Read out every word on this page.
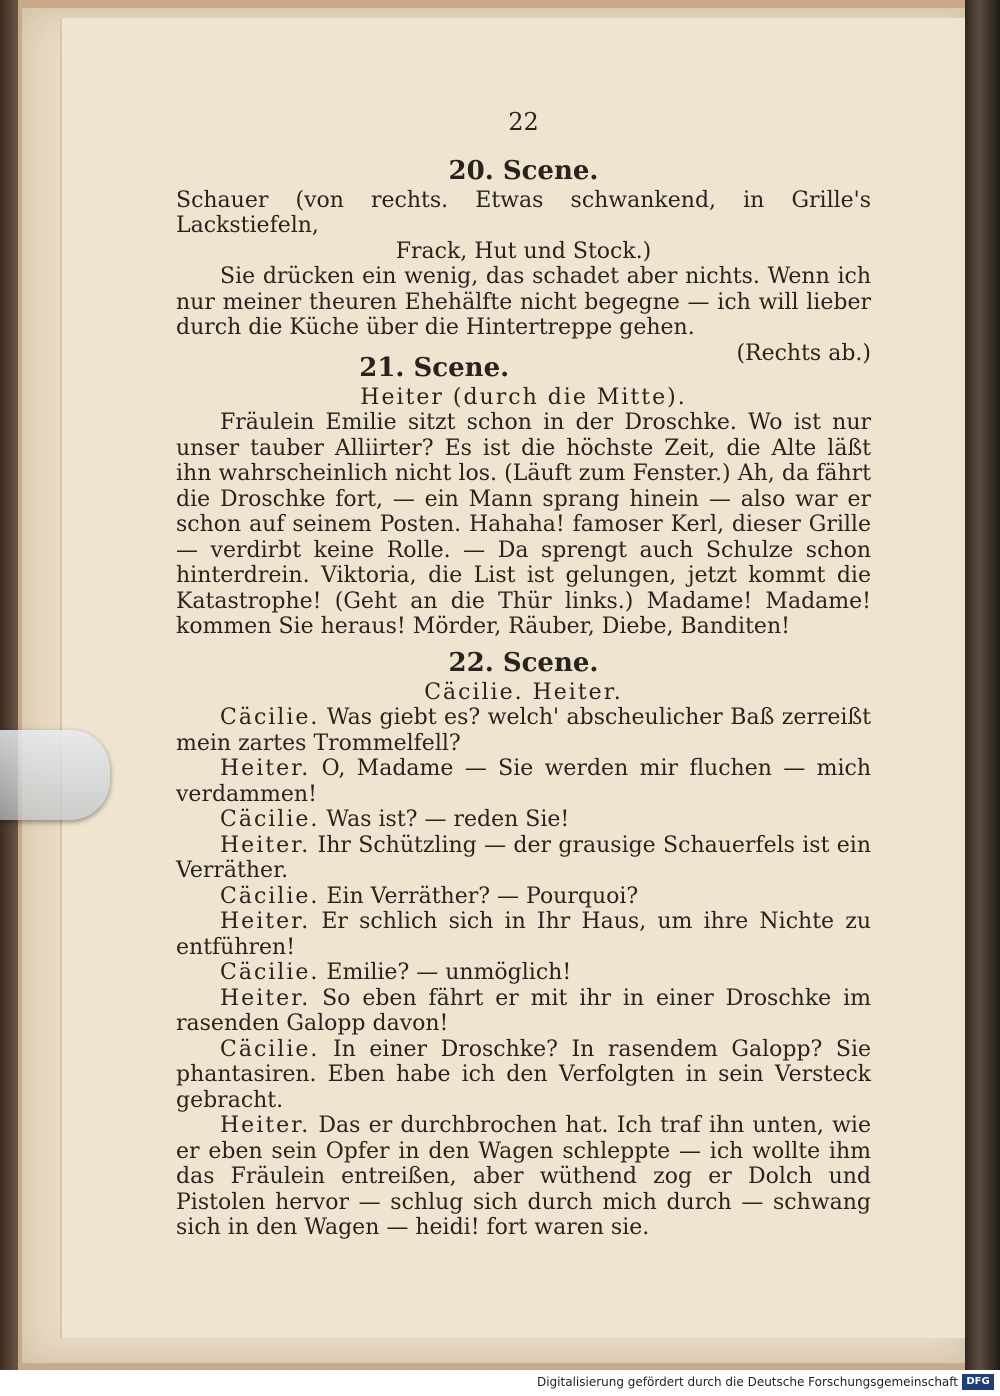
22

20. Scene.

Schauer (von rechts. Etwas schwankend, in Grille's Lackstiefeln,

Frack, Hut und Stock.)

Sie drücken ein wenig, das schadet aber nichts. Wenn ich nur meiner theuren Ehehälfte nicht begegne — ich will lieber durch die Küche über die Hintertreppe gehen.
(Rechts ab.)

21. Scene.

Heiter (durch die Mitte).

Fräulein Emilie sitzt schon in der Droschke. Wo ist nur unser tauber Alliirter? Es ist die höchste Zeit, die Alte läßt ihn wahrscheinlich nicht los. (Läuft zum Fenster.) Ah, da fährt die Droschke fort, — ein Mann sprang hinein — also war er schon auf seinem Posten. Hahaha! famoser Kerl, dieser Grille — verdirbt keine Rolle. — Da sprengt auch Schulze schon hinterdrein. Viktoria, die List ist gelungen, jetzt kommt die Katastrophe! (Geht an die Thür links.) Madame! Madame! kommen Sie heraus! Mörder, Räuber, Diebe, Banditen!

22. Scene.

Cäcilie. Heiter.

Cäcilie. Was giebt es? welch' abscheulicher Baß zerreißt mein zartes Trommelfell?

Heiter. O, Madame — Sie werden mir fluchen — mich verdammen!

Cäcilie. Was ist? — reden Sie!

Heiter. Ihr Schützling — der grausige Schauerfels ist ein Verräther.

Cäcilie. Ein Verräther? — Pourquoi?

Heiter. Er schlich sich in Ihr Haus, um ihre Nichte zu entführen!

Cäcilie. Emilie? — unmöglich!

Heiter. So eben fährt er mit ihr in einer Droschke im rasenden Galopp davon!

Cäcilie. In einer Droschke? In rasendem Galopp? Sie phantasiren. Eben habe ich den Verfolgten in sein Versteck gebracht.

Heiter. Das er durchbrochen hat. Ich traf ihn unten, wie er eben sein Opfer in den Wagen schleppte — ich wollte ihm das Fräulein entreißen, aber wüthend zog er Dolch und Pistolen hervor — schlug sich durch mich durch — schwang sich in den Wagen — heidi! fort waren sie.

Digitalisierung gefördert durch die Deutsche Forschungsgemeinschaft DFG
